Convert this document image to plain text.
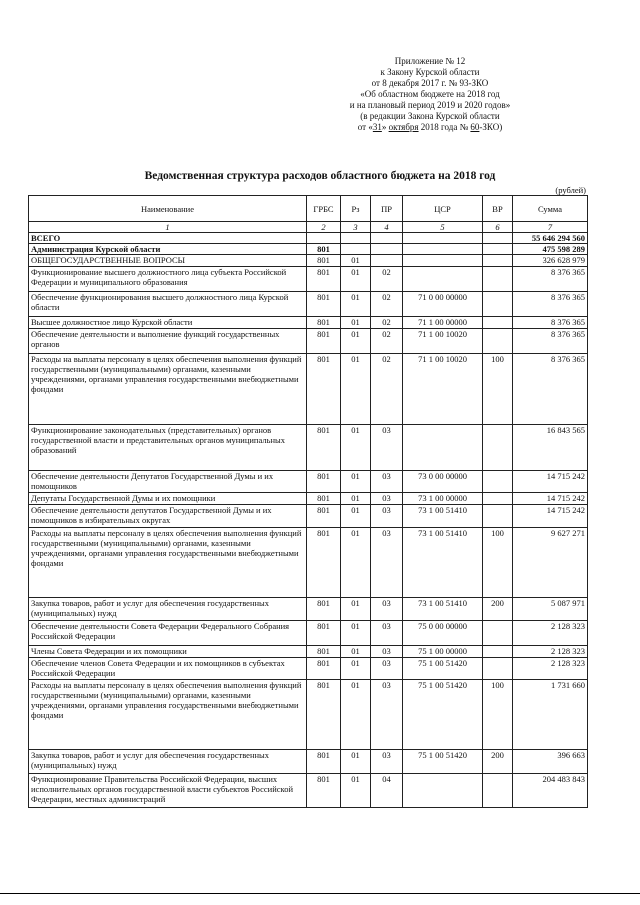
Приложение № 12
к Закону Курской области
от 8 декабря 2017 г. № 93-ЗКО
«Об областном бюджете на 2018 год
и на плановый период 2019 и 2020 годов»
(в редакции Закона Курской области
от «31» октября 2018 года № 60-ЗКО)
Ведомственная структура расходов областного бюджета на 2018 год
(рублей)
Наименование	ГРБС	Рз	ПР	ЦСР	ВР	Сумма
1	2	3	4	5	6	7
ВСЕГО						55 646 294 560
Администрация Курской области	801					475 598 289
ОБЩЕГОСУДАРСТВЕННЫЕ ВОПРОСЫ	801	01				326 628 979
Функционирование высшего должностного лица субъекта Российской Федерации и муниципального образования	801	01	02			8 376 365
Обеспечение функционирования высшего должностного лица Курской области	801	01	02	71 0 00 00000		8 376 365
Высшее должностное лицо Курской области	801	01	02	71 1 00 00000		8 376 365
Обеспечение деятельности и выполнение функций государственных органов	801	01	02	71 1 00 10020		8 376 365
Расходы на выплаты персоналу в целях обеспечения выполнения функций государственными (муниципальными) органами, казенными учреждениями, органами управления государственными внебюджетными фондами	801	01	02	71 1 00 10020	100	8 376 365
Функционирование законодательных (представительных) органов государственной власти и представительных органов муниципальных образований	801	01	03			16 843 565
Обеспечение деятельности Депутатов Государственной Думы и их помощников	801	01	03	73 0 00 00000		14 715 242
Депутаты Государственной Думы и их помощники	801	01	03	73 1 00 00000		14 715 242
Обеспечение деятельности депутатов Государственной Думы и их помощников в избирательных округах	801	01	03	73 1 00 51410		14 715 242
Расходы на выплаты персоналу в целях обеспечения выполнения функций государственными (муниципальными) органами, казенными учреждениями, органами управления государственными внебюджетными фондами	801	01	03	73 1 00 51410	100	9 627 271
Закупка товаров, работ и услуг для обеспечения государственных (муниципальных) нужд	801	01	03	73 1 00 51410	200	5 087 971
Обеспечение деятельности Совета Федерации Федерального Собрания Российской Федерации	801	01	03	75 0 00 00000		2 128 323
Члены Совета Федерации и их помощники	801	01	03	75 1 00 00000		2 128 323
Обеспечение членов Совета Федерации и их помощников в субъектах Российской Федерации	801	01	03	75 1 00 51420		2 128 323
Расходы на выплаты персоналу в целях обеспечения выполнения функций государственными (муниципальными) органами, казенными учреждениями, органами управления государственными внебюджетными фондами	801	01	03	75 1 00 51420	100	1 731 660
Закупка товаров, работ и услуг для обеспечения государственных (муниципальных) нужд	801	01	03	75 1 00 51420	200	396 663
Функционирование Правительства Российской Федерации, высших исполнительных органов государственной власти субъектов Российской Федерации, местных администраций	801	01	04			204 483 843
